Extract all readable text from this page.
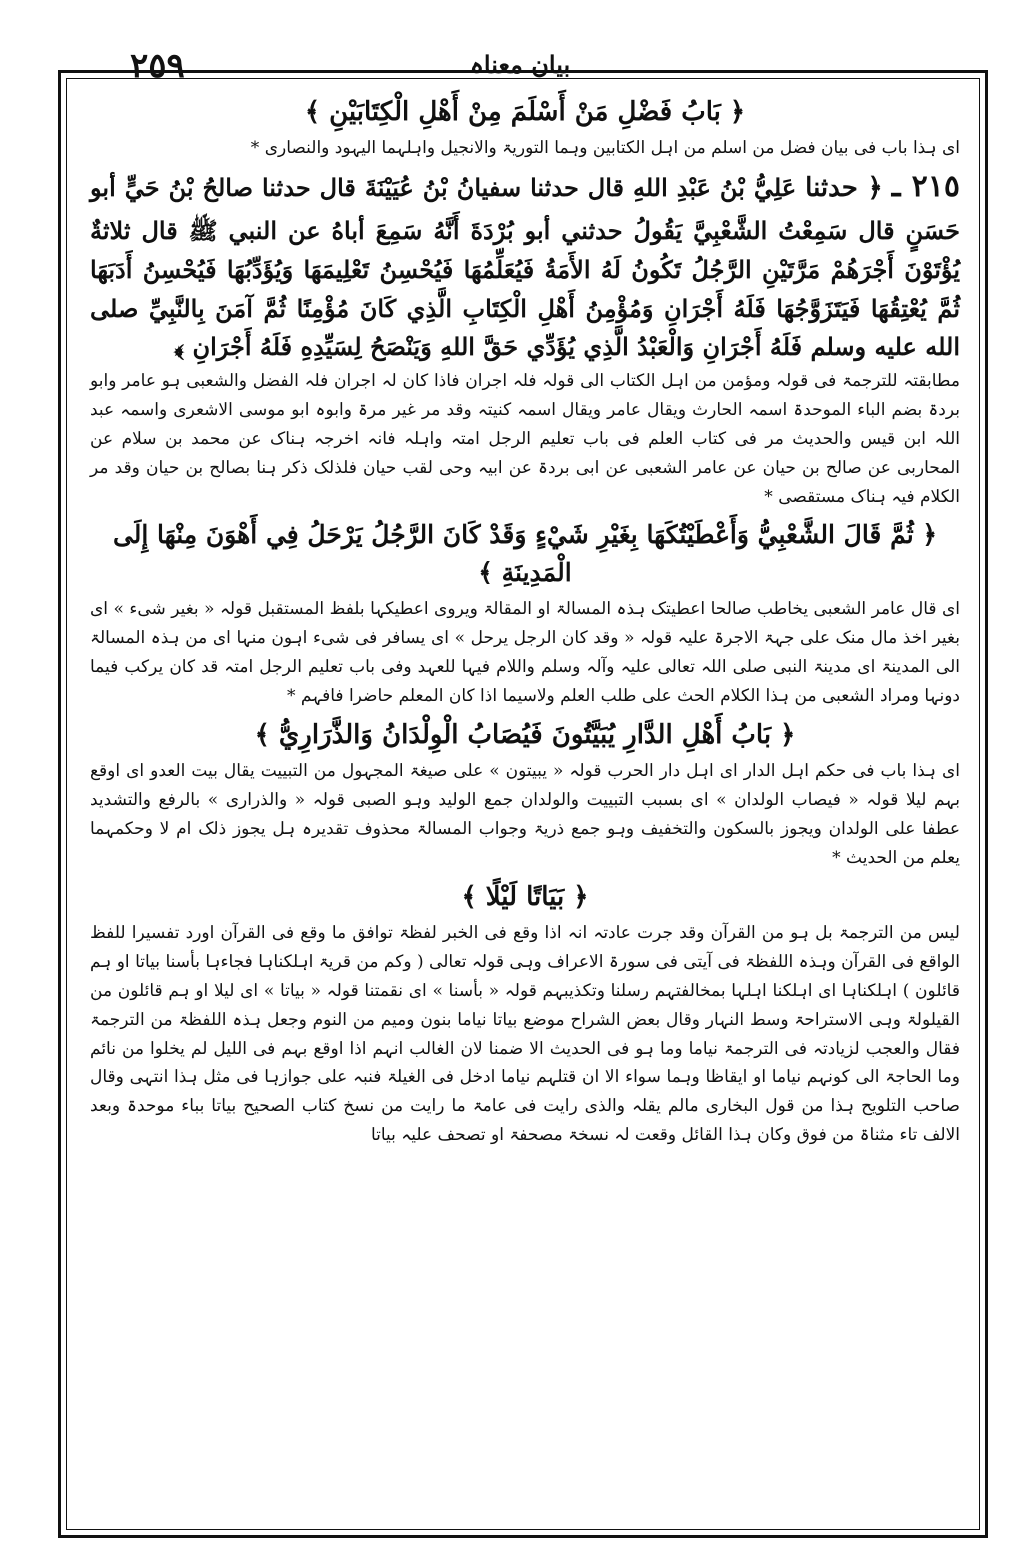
٢٥٩	بیان معناہ
﴿ بَابُ فَضْلِ مَنْ أَسْلَمَ مِنْ أَهْلِ الْكِتَابَيْنِ ﴾

ای ہذا باب فی بیان فضل من اسلم من اہل الکتابین وہما التوریۃ والانجیل واہلہما الیہود والنصاری *

٢١٥ ـ ﴿ حدثنا عَلِيُّ بْنُ عَبْدِ اللهِ قال حدثنا سفيانُ بْنُ عُيَيْنَةَ قال حدثنا صالحُ بْنُ حَيٍّ أبو حَسَنٍ قال سَمِعْتُ الشَّعْبِيَّ يَقُولُ حدثني أبو بُرْدَةَ أَنَّهُ سَمِعَ أباهُ عن النبي ﷺ قال ثلاثةٌ يُؤْتَوْنَ أَجْرَهُمْ مَرَّتَيْنِ الرَّجُلُ تَكُونُ لَهُ الأَمَةُ فَيُعَلِّمُهَا فَيُحْسِنُ تَعْلِيمَهَا وَيُؤَدِّبُهَا فَيُحْسِنُ أَدَبَهَا ثُمَّ يُعْتِقُهَا فَيَتَزَوَّجُهَا فَلَهُ أَجْرَانِ وَمُؤْمِنُ أَهْلِ الْكِتَابِ الَّذِي كَانَ مُؤْمِنًا ثُمَّ آمَنَ بِالنَّبِيِّ صلى الله عليه وسلم فَلَهُ أَجْرَانِ وَالْعَبْدُ الَّذِي يُؤَدِّي حَقَّ اللهِ وَيَنْصَحُ لِسَيِّدِهِ فَلَهُ أَجْرَانِ ﴾

مطابقتہ للترجمۃ فی قولہ ومؤمن من اہل الکتاب الی قولہ فلہ اجران فاذا کان لہ اجران فلہ الفضل والشعبی ہو عامر وابو بردۃ بضم الباء الموحدۃ اسمہ الحارث ویقال عامر ویقال اسمہ کنیتہ وقد مر غیر مرۃ وابوہ ابو موسی الاشعری واسمہ عبد اللہ ابن قیس والحدیث مر فی کتاب العلم فی باب تعلیم الرجل امتہ واہلہ فانہ اخرجہ ہناک عن محمد بن سلام عن المحاربی عن صالح بن حیان عن عامر الشعبی عن ابی بردۃ عن ابیہ وحی لقب حیان فلذلک ذکر ہنا بصالح بن حیان وقد مر الکلام فیہ ہناک مستقصی *

﴿ ثُمَّ قَالَ الشَّعْبِيُّ وَأَعْطَيْتُكَهَا بِغَيْرِ شَيْءٍ وَقَدْ كَانَ الرَّجُلُ يَرْحَلُ فِي أَهْوَنَ مِنْهَا إِلَى الْمَدِينَةِ ﴾

ای قال عامر الشعبی یخاطب صالحا اعطیتک ہذہ المسالۃ او المقالۃ ویروی اعطیکہا بلفظ المستقبل قولہ « بغیر شیء » ای بغیر اخذ مال منک علی جہۃ الاجرۃ علیہ قولہ « وقد کان الرجل یرحل » ای یسافر فی شیء اہون منہا ای من ہذہ المسالۃ الی المدینۃ ای مدینۃ النبی صلی اللہ تعالی علیہ وآلہ وسلم واللام فیہا للعہد وفی باب تعلیم الرجل امتہ قد کان یرکب فیما دونہا ومراد الشعبی من ہذا الکلام الحث علی طلب العلم ولاسیما اذا کان المعلم حاضرا فافہم *

﴿ بَابُ أَهْلِ الدَّارِ يُبَيَّتُونَ فَيُصَابُ الْوِلْدَانُ وَالذَّرَارِيُّ ﴾

ای ہذا باب فی حکم اہل الدار ای اہل دار الحرب قولہ « یبیتون » علی صیغۃ المجہول من التبییت یقال بیت العدو ای اوقع بہم لیلا قولہ « فیصاب الولدان » ای بسبب التبییت والولدان جمع الولید وہو الصبی قولہ « والذراری » بالرفع والتشدید عطفا علی الولدان ویجوز بالسکون والتخفیف وہو جمع ذریۃ وجواب المسالۃ محذوف تقدیرہ ہل یجوز ذلک ام لا وحکمہما یعلم من الحدیث *

﴿ بَيَاتًا لَيْلًا ﴾

لیس من الترجمۃ بل ہو من القرآن وقد جرت عادتہ انہ اذا وقع فی الخبر لفظۃ توافق ما وقع فی القرآن اورد تفسیرا للفظ الواقع فی القرآن وہذہ اللفظۃ فی آیتی فی سورۃ الاعراف وہی قولہ تعالی ( وکم من قریۃ اہلکناہا فجاءہا بأسنا بیاتا او ہم قائلون ) اہلکناہا ای اہلکنا اہلہا بمخالفتہم رسلنا وتکذیبہم قولہ « بأسنا » ای نقمتنا قولہ « بیاتا » ای لیلا او ہم قائلون من القیلولۃ وہی الاستراحۃ وسط النہار وقال بعض الشراح موضع بیاتا نیاما بنون ومیم من النوم وجعل ہذہ اللفظۃ من الترجمۃ فقال والعجب لزیادتہ فی الترجمۃ نیاما وما ہو فی الحدیث الا ضمنا لان الغالب انہم اذا اوقع بہم فی اللیل لم یخلوا من نائم وما الحاجۃ الی کونہم نیاما او ایقاظا وہما سواء الا ان قتلہم نیاما ادخل فی الغیلۃ فنبہ علی جوازہا فی مثل ہذا انتہی وقال صاحب التلویح ہذا من قول البخاری مالم یقلہ والذی رایت فی عامۃ ما رایت من نسخ کتاب الصحیح بیاتا بباء موحدۃ وبعد الالف تاء مثناۃ من فوق وکان ہذا القائل وقعت لہ نسخۃ مصحفۃ او تصحف علیہ بیاتا
